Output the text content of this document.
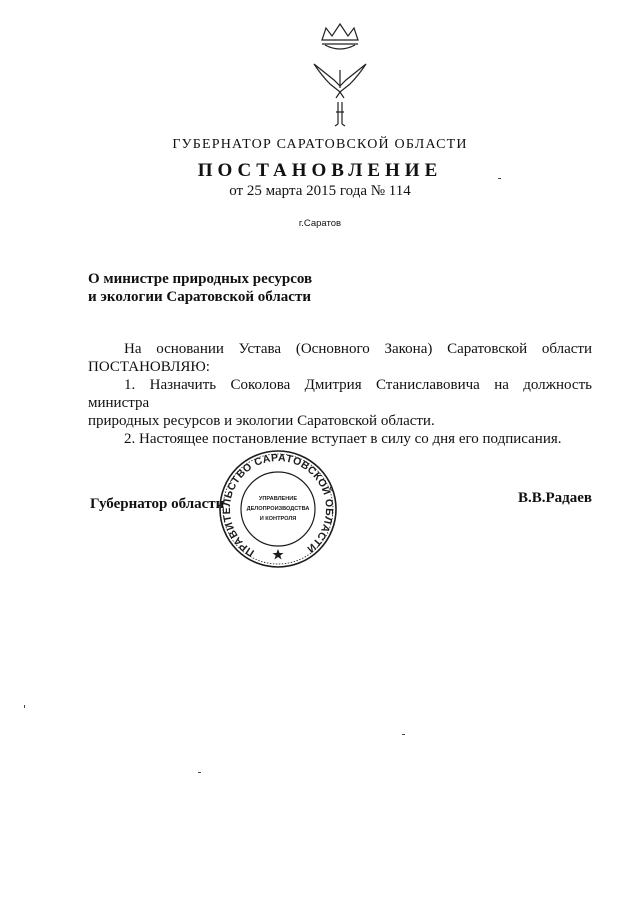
ГУБЕРНАТОР САРАТОВСКОЙ ОБЛАСТИ
ПОСТАНОВЛЕНИЕ
от 25 марта 2015 года № 114
г.Саратов
О министре природных ресурсов
и экологии Саратовской области

На основании Устава (Основного Закона) Саратовской области

ПОСТАНОВЛЯЮ:

1. Назначить Соколова Дмитрия Станиславовича на должность министра

природных ресурсов и экологии Саратовской области.

2. Настоящее постановление вступает в силу со дня его подписания.

Губернатор области
ПРАВИТЕЛЬСТВО САРАТОВСКОЙ ОБЛАСТИ
УПРАВЛЕНИЕ
ДЕЛОПРОИЗВОДСТВА
И КОНТРОЛЯ
В.В.Радаев
